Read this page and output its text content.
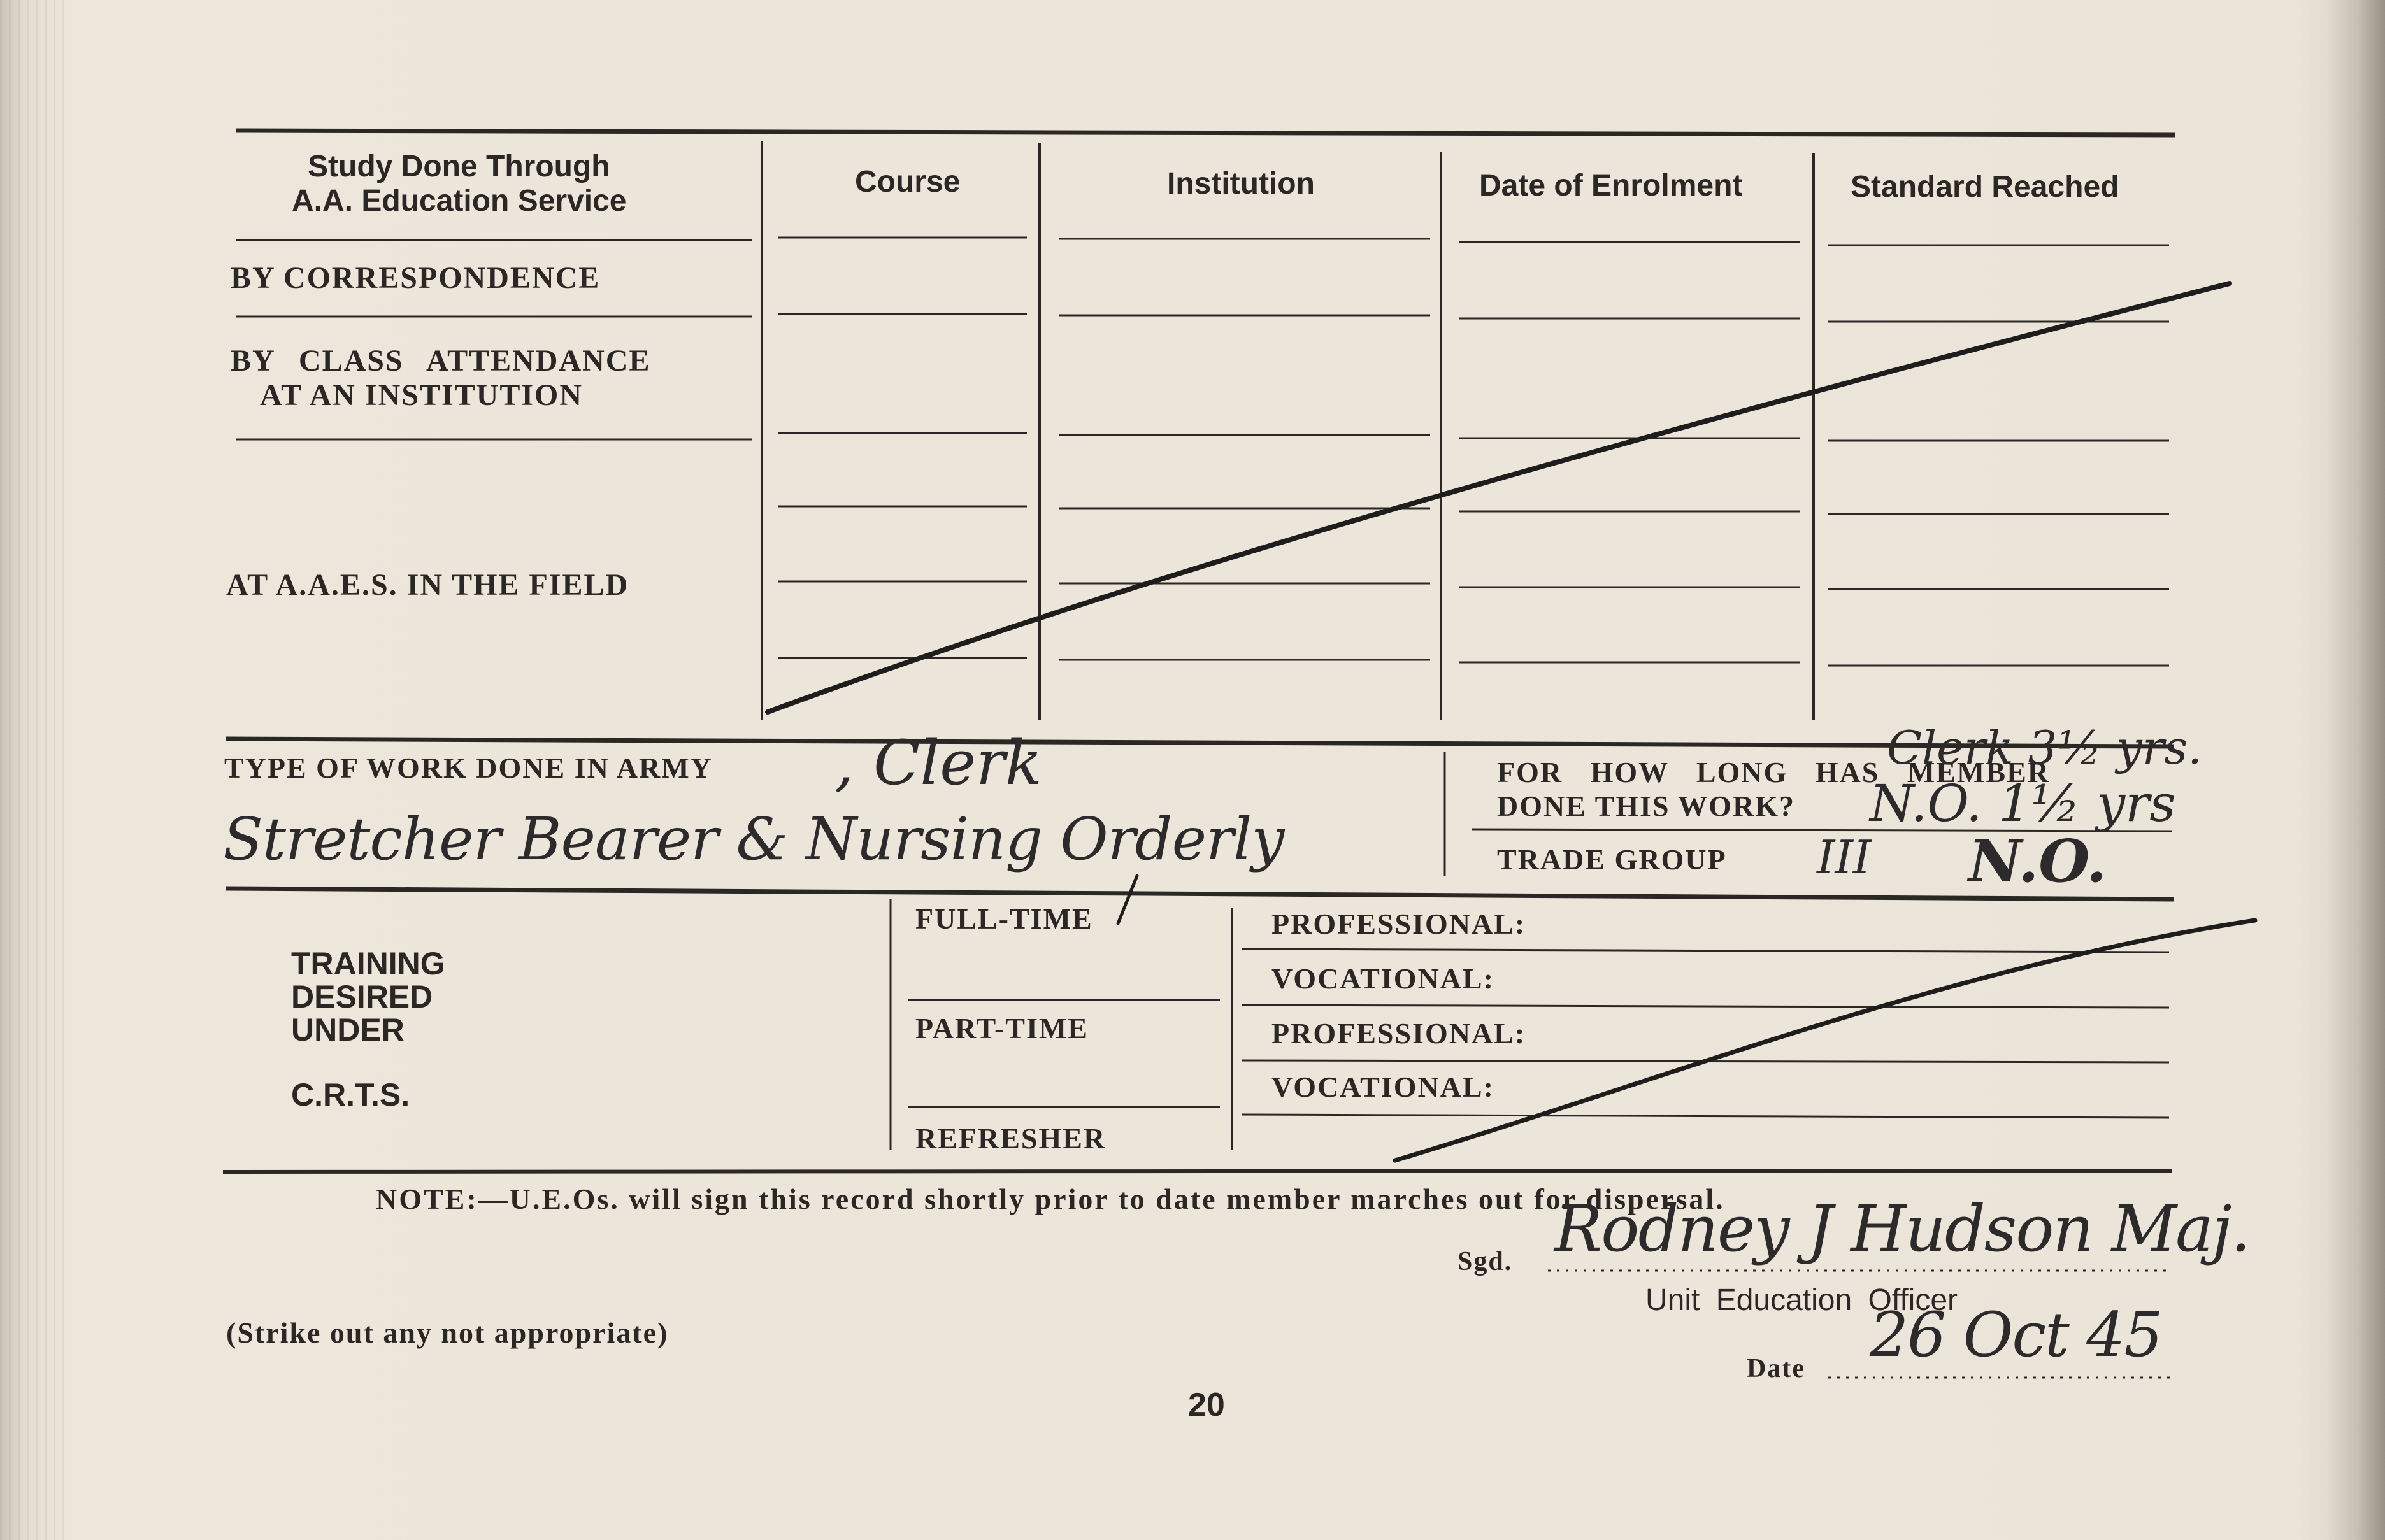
Study Done Through
A.A. Education Service
Course	Institution	Date of Enrolment	Standard Reached
BY CORRESPONDENCE
BY CLASS ATTENDANCE
AT AN INSTITUTION
AT A.A.E.S. IN THE FIELD
TYPE OF WORK DONE IN ARMY , Clerk
Stretcher Bearer & Nursing Orderly
FOR HOW LONG HAS MEMBER
DONE THIS WORK?
Clerk 3½ yrs.
N.O. 1½ yrs
TRADE GROUP III N.O.
TRAINING
DESIRED
UNDER
C.R.T.S.
FULL-TIME
PART-TIME
REFRESHER
PROFESSIONAL:
VOCATIONAL:
PROFESSIONAL:
VOCATIONAL:
NOTE:—U.E.Os. will sign this record shortly prior to date member marches out for dispersal.
Sgd. Rodney J Hudson Maj.
Unit Education Officer
(Strike out any not appropriate)
Date 26 Oct 45
20
